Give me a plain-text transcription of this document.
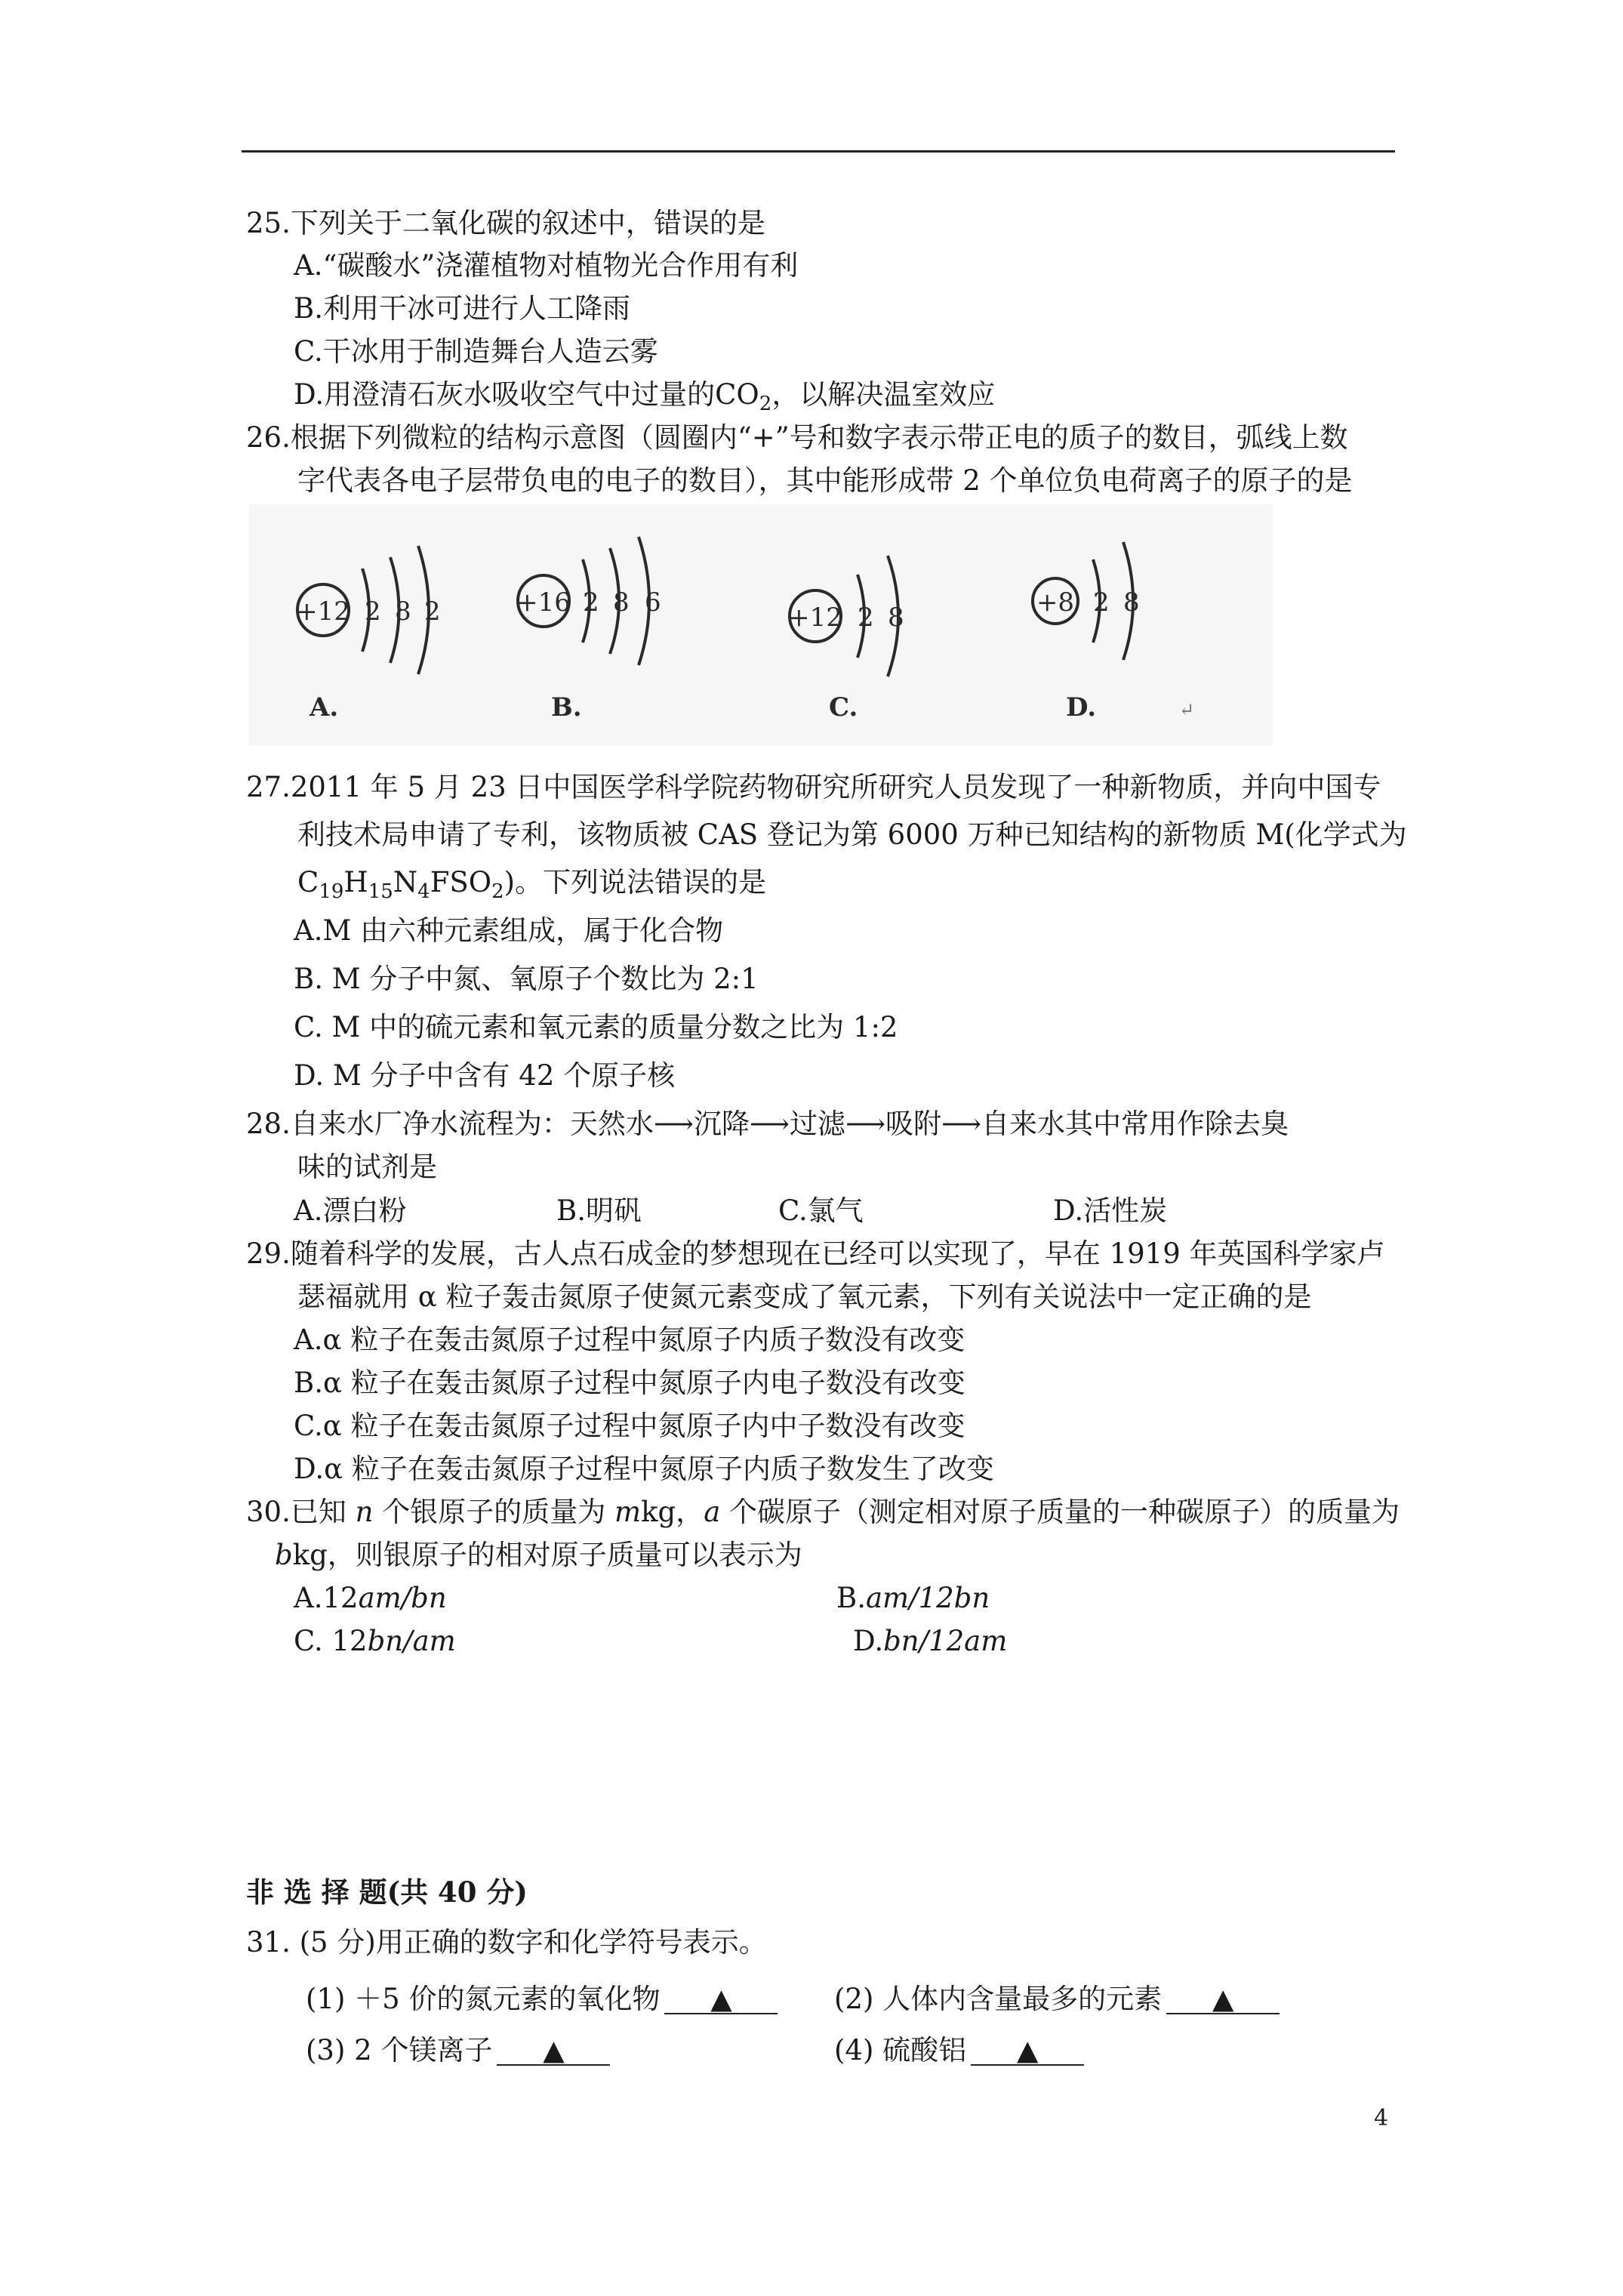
25.下列关于二氧化碳的叙述中，错误的是
A.“碳酸水”浇灌植物对植物光合作用有利
B.利用干冰可进行人工降雨
C.干冰用于制造舞台人造云雾
D.用澄清石灰水吸收空气中过量的$CO_2$，以解决温室效应
26.根据下列微粒的结构示意图（圆圈内“+”号和数字表示带正电的质子的数目，弧线上数
字代表各电子层带负电的电子的数目），其中能形成带 2 个单位负电荷离子的原子的是
+12 2 8 2
A.
+16 2 8 6
B.
+12 2 8
C.
+8 2 8
D.	↵
27.2011 年 5 月 23 日中国医学科学院药物研究所研究人员发现了一种新物质，并向中国专
利技术局申请了专利，该物质被 CAS 登记为第 6000 万种已知结构的新物质 M(化学式为
$C_{19}H_{15}N_4FSO_2$)。下列说法错误的是
A.M 由六种元素组成，属于化合物
B. M 分子中氮、氧原子个数比为 2:1
C. M 中的硫元素和氧元素的质量分数之比为 1:2
D. M 分子中含有 42 个原子核
28.自来水厂净水流程为：天然水⟶沉降⟶过滤⟶吸附⟶自来水其中常用作除去臭
味的试剂是
A.漂白粉	B.明矾	C.氯气	D.活性炭
29.随着科学的发展，古人点石成金的梦想现在已经可以实现了，早在 1919 年英国科学家卢
瑟福就用 α 粒子轰击氮原子使氮元素变成了氧元素，下列有关说法中一定正确的是
A.α 粒子在轰击氮原子过程中氮原子内质子数没有改变
B.α 粒子在轰击氮原子过程中氮原子内电子数没有改变
C.α 粒子在轰击氮原子过程中氮原子内中子数没有改变
D.α 粒子在轰击氮原子过程中氮原子内质子数发生了改变
30.已知 n 个银原子的质量为 mkg，a 个碳原子（测定相对原子质量的一种碳原子）的质量为
bkg，则银原子的相对原子质量可以表示为
A.12am/bn	B.am/12bn
C. 12bn/am	D.bn/12am
非 选 择 题(共 40 分)
31. (5 分)用正确的数字和化学符号表示。
(1) ＋5 价的氮元素的氧化物 ▲	(2) 人体内含量最多的元素 ▲
(3) 2 个镁离子 ▲	(4) 硫酸铝 ▲
4
